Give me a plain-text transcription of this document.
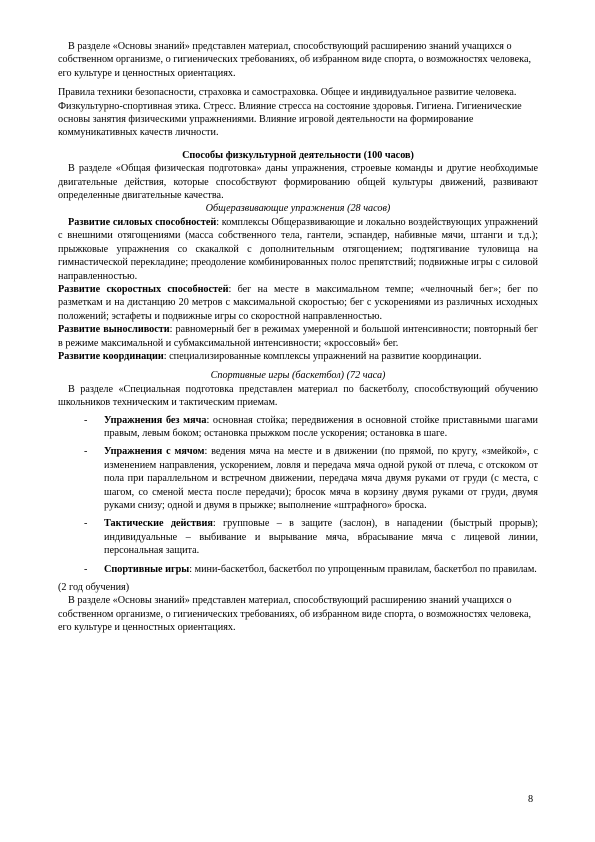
В разделе «Основы знаний» представлен материал, способствующий расширению знаний учащихся о собственном организме, о гигиенических требованиях, об избранном виде спорта, о возможностях человека, его культуре и ценностных ориентациях.

Правила техники безопасности, страховка и самостраховка. Общее и индивидуальное развитие человека. Физкультурно-спортивная этика. Стресс. Влияние стресса на состояние здоровья. Гигиена. Гигиенические основы занятия физическими упражнениями. Влияние игровой деятельности на формирование коммуникативных качеств личности.

Способы физкультурной деятельности (100 часов)

В разделе «Общая физическая подготовка» даны упражнения, строевые команды и другие необходимые двигательные действия, которые способствуют формированию общей культуры движений, развивают определенные двигательные качества.

Общеразвивающие упражнения (28 часов)

Развитие силовых способностей: комплексы Общеразвивающие и локально воздействующих упражнений с внешними отягощениями (масса собственного тела, гантели, эспандер, набивные мячи, штанги и т.д.); прыжковые упражнения со скакалкой с дополнительным отягощением; подтягивание туловища на гимнастической перекладине; преодоление комбинированных полос препятствий; подвижные игры с силовой направленностью.

Развитие скоростных способностей: бег на месте в максимальном темпе; «челночный бег»; бег по разметкам и на дистанцию 20 метров с максимальной скоростью; бег с ускорениями из различных исходных положений; эстафеты и подвижные игры со скоростной направленностью.

Развитие выносливости: равномерный бег в режимах умеренной и большой интенсивности; повторный бег в режиме максимальной и субмаксимальной интенсивности; «кроссовый» бег.

Развитие координации: специализированные комплексы упражнений на развитие координации.

Спортивные игры (баскетбол) (72 часа)

В разделе «Специальная подготовка представлен материал по баскетболу, способствующий обучению школьников техническим и тактическим приемам.

- Упражнения без мяча: основная стойка; передвижения в основной стойке приставными шагами правым, левым боком; остановка прыжком после ускорения; остановка в шаге.
- Упражнения с мячом: ведения мяча на месте и в движении (по прямой, по кругу, «змейкой», с изменением направления, ускорением, ловля и передача мяча одной рукой от плеча, с отскоком от пола при параллельном и встречном движении, передача мяча двумя руками от груди (с места, с шагом, со сменой места после передачи); бросок мяча в корзину двумя руками от груди, двумя руками снизу; одной и двумя в прыжке; выполнение «штрафного» броска.
- Тактические действия: групповые – в защите (заслон), в нападении (быстрый прорыв); индивидуальные – выбивание и вырывание мяча, вбрасывание мяча с лицевой линии, персональная защита.
- Спортивные игры: мини-баскетбол, баскетбол по упрощенным правилам, баскетбол по правилам.

(2 год обучения)

В разделе «Основы знаний» представлен материал, способствующий расширению знаний учащихся о собственном организме, о гигиенических требованиях, об избранном виде спорта, о возможностях человека, его культуре и ценностных ориентациях.

8
